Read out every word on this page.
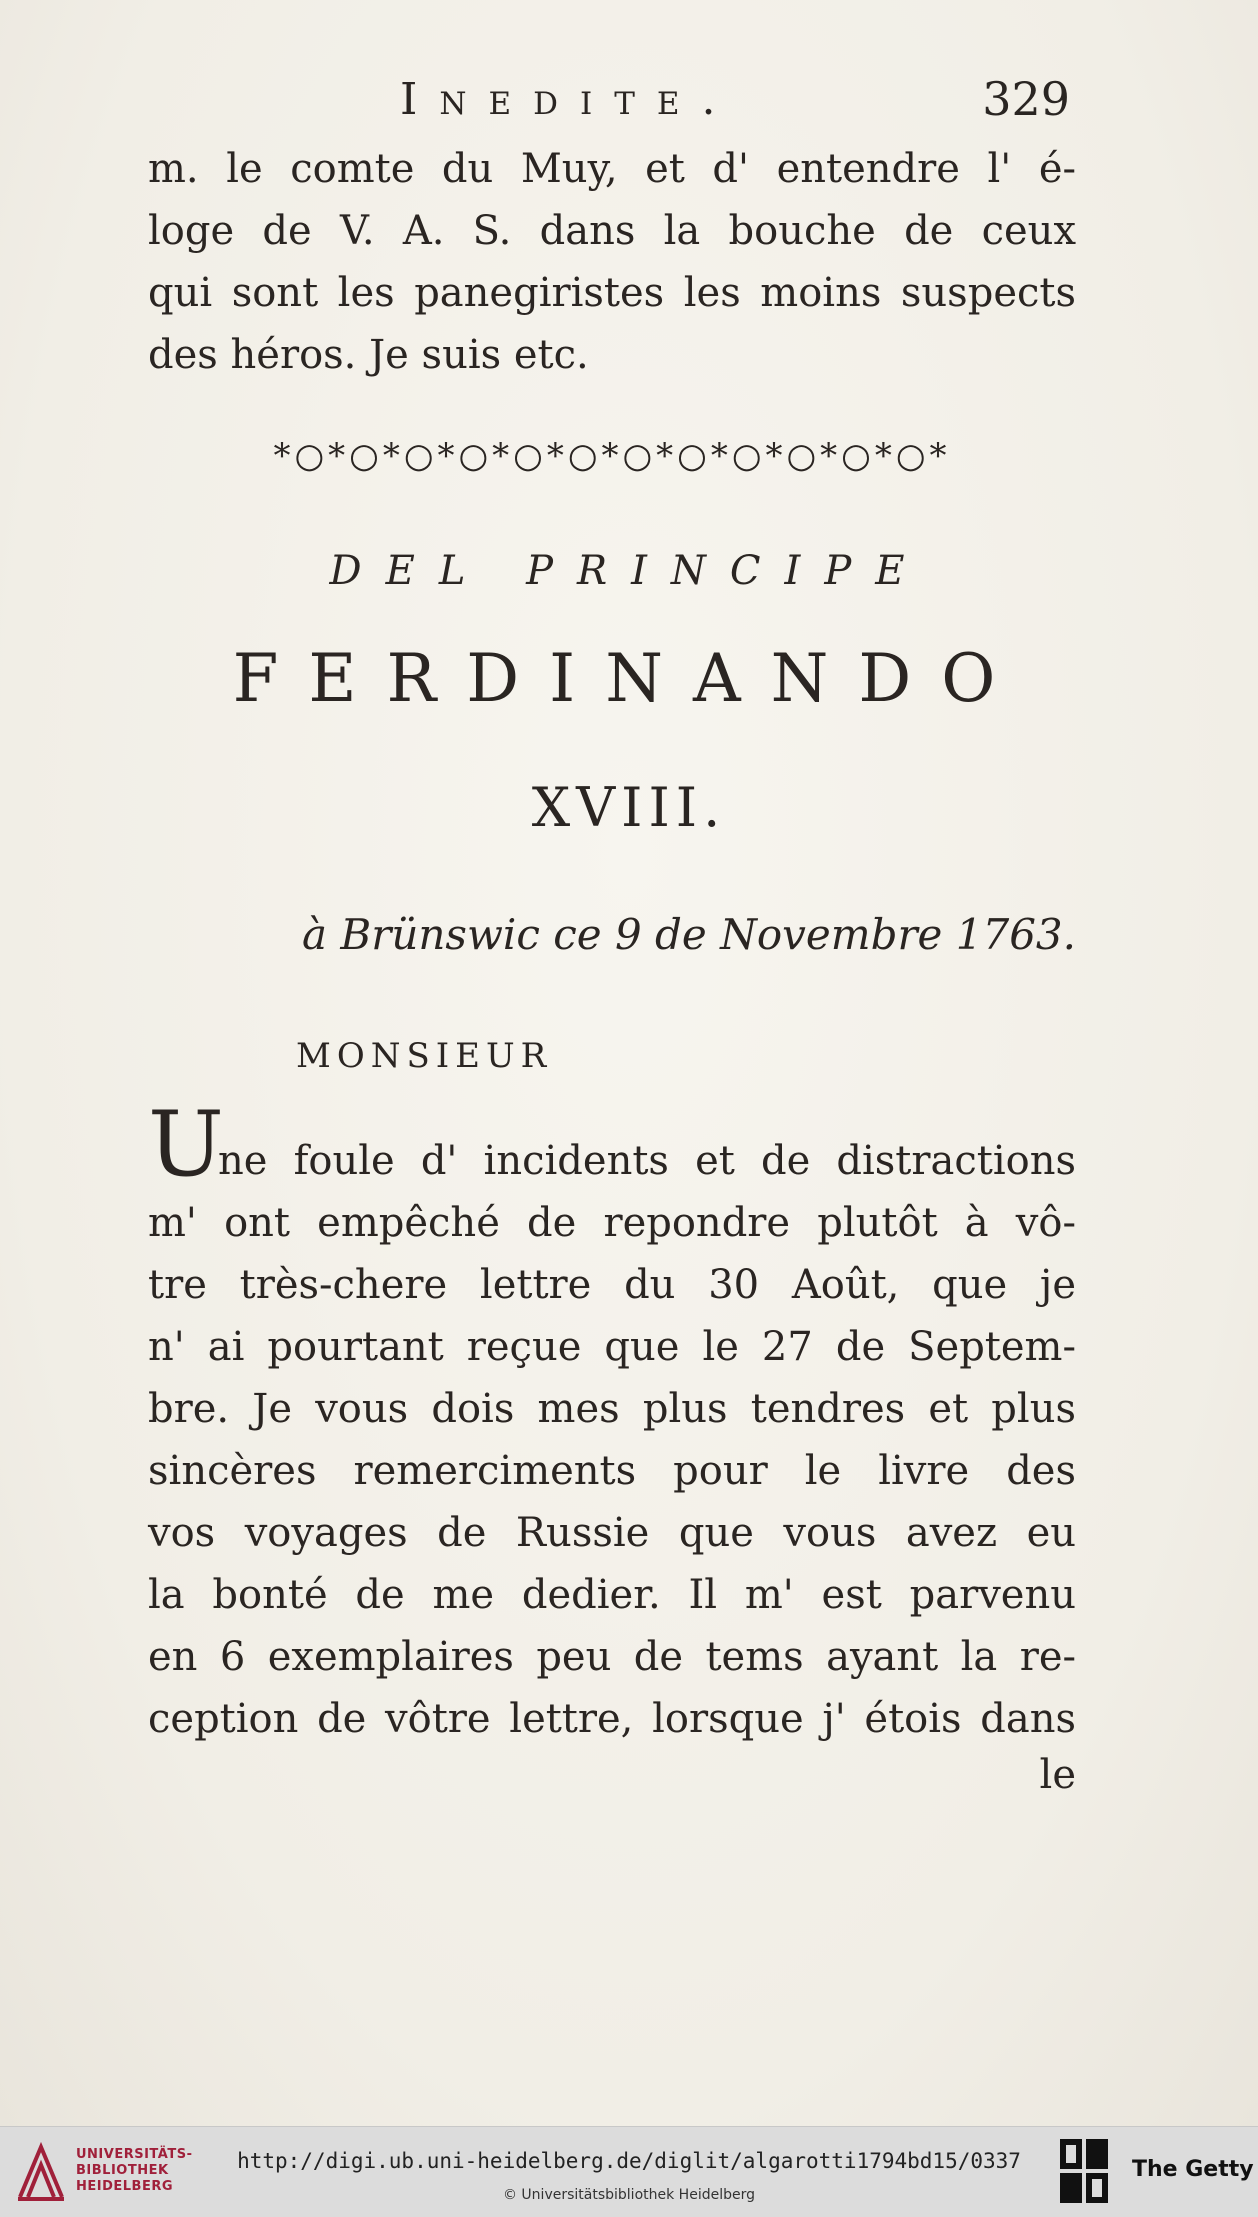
Inedite.	329
m. le comte du Muy, et d' entendre l' é-
loge de V. A. S. dans la bouche de ceux
qui sont les panegiristes les moins suspects
des héros. Je suis etc.
*○*○*○*○*○*○*○*○*○*○*○*○*
DEL PRINCIPE
FERDINANDO
XVIII.
à Brünswic ce 9 de Novembre 1763.
MONSIEUR
U
ne foule d' incidents et de distractions
m' ont empêché de repondre plutôt à vô-
tre très-chere lettre du 30 Août, que je
n' ai pourtant reçue que le 27 de Septem-
bre. Je vous dois mes plus tendres et plus
sincères remerciments pour le livre des
vos voyages de Russie que vous avez eu
la bonté de me dedier. Il m' est parvenu
en 6 exemplaires peu de tems ayant la re-
ception de vôtre lettre, lorsque j' étois dans
le
UNIVERSITÄTS-
BIBLIOTHEK
HEIDELBERG
http://digi.ub.uni-heidelberg.de/diglit/algarotti1794bd15/0337
© Universitätsbibliothek Heidelberg
The Getty
